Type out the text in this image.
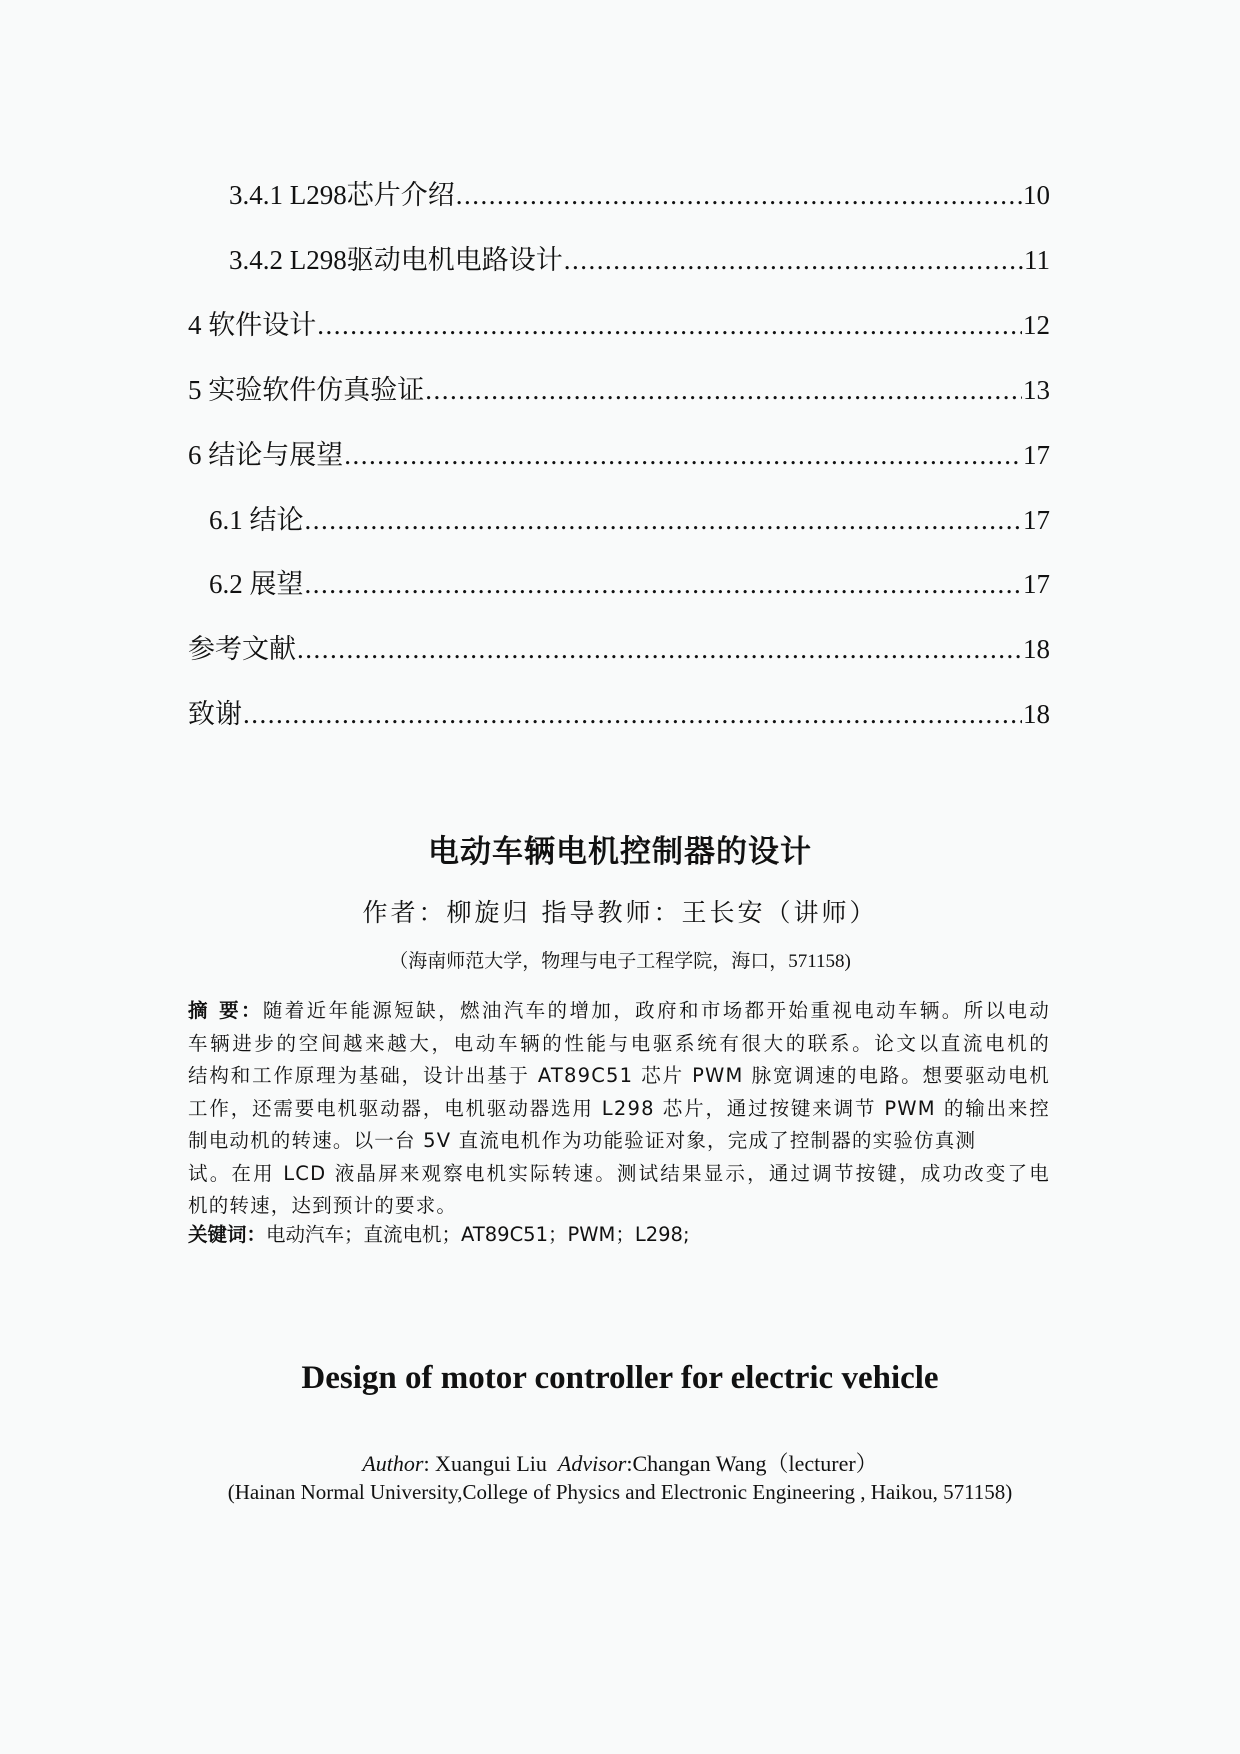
3.4.1 L298芯片介绍 .....	10
3.4.2 L298驱动电机电路设计 .....	11
4 软件设计 .....	12
5 实验软件仿真验证 .....	13
6 结论与展望 .....	17
6.1 结论 .....	17
6.2 展望 .....	17
参考文献 .....	18
致谢 .....	18
电动车辆电机控制器的设计
作者：柳旋归 指导教师：王长安（讲师）
（海南师范大学，物理与电子工程学院，海口，571158)
摘 要：随着近年能源短缺，燃油汽车的增加，政府和市场都开始重视电动车辆。所以电动
车辆进步的空间越来越大，电动车辆的性能与电驱系统有很大的联系。论文以直流电机的
结构和工作原理为基础，设计出基于 AT89C51 芯片 PWM 脉宽调速的电路。想要驱动电机
工作，还需要电机驱动器，电机驱动器选用 L298 芯片，通过按键来调节 PWM 的输出来控
制电动机的转速。以一台 5V 直流电机作为功能验证对象，完成了控制器的实验仿真测
试。在用 LCD 液晶屏来观察电机实际转速。测试结果显示，通过调节按键，成功改变了电
机的转速，达到预计的要求。
关键词：电动汽车；直流电机；AT89C51；PWM；L298;
Design of motor controller for electric vehicle
Author: Xuangui Liu  Advisor:Changan Wang（lecturer）
(Hainan Normal University,College of Physics and Electronic Engineering , Haikou, 571158)
